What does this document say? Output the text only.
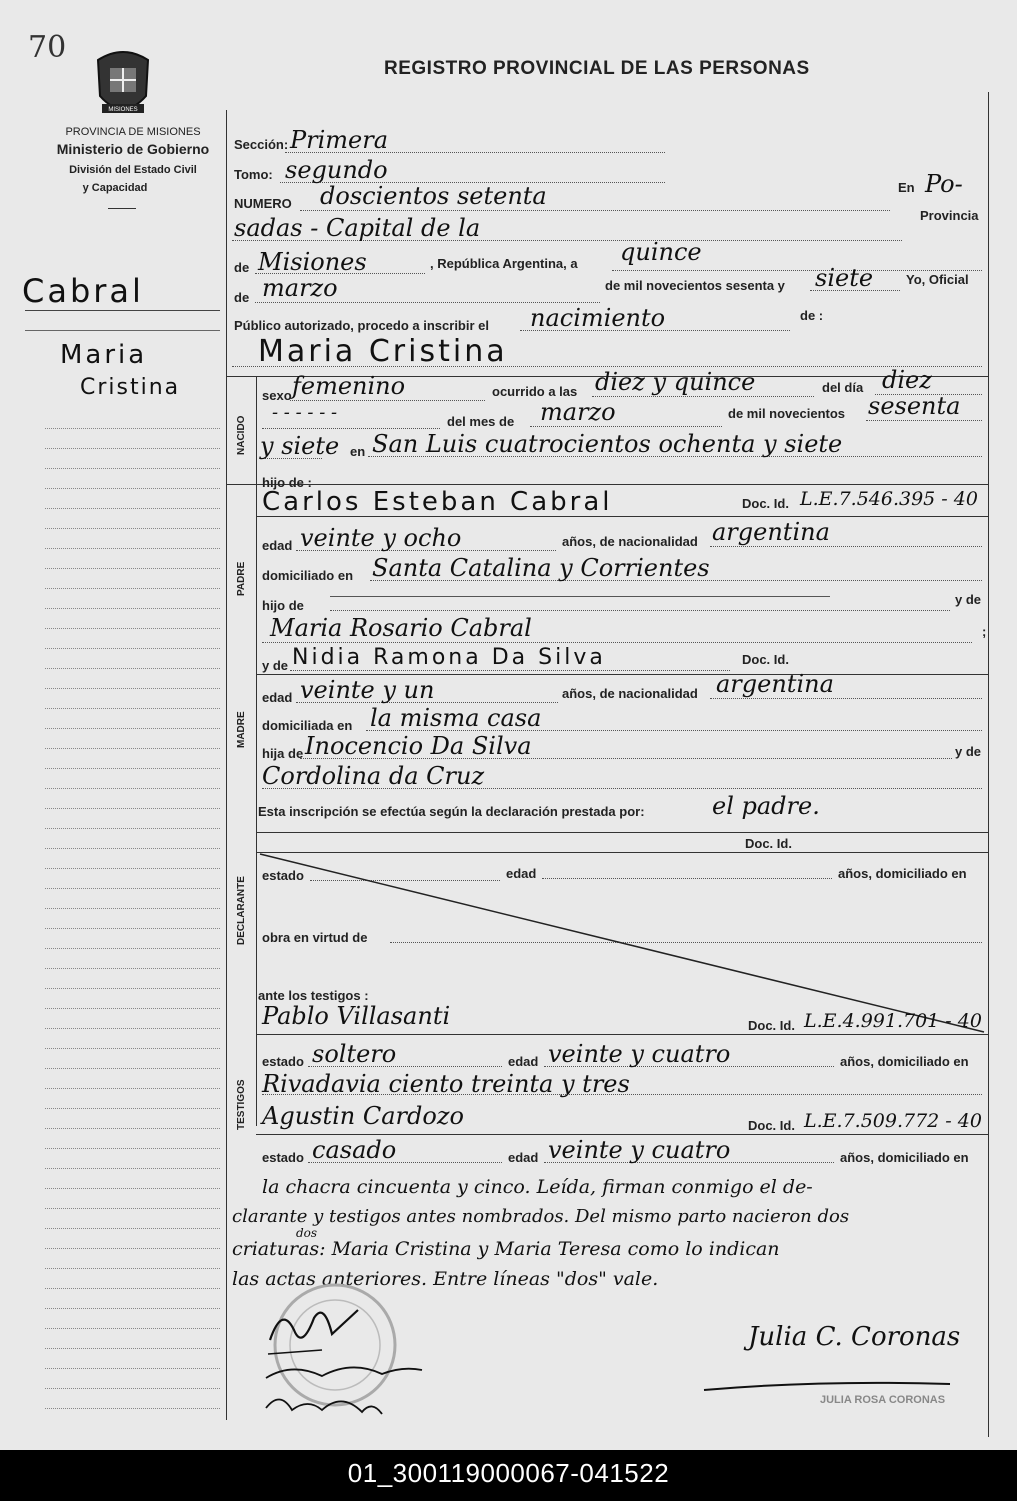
70
MISIONES
PROVINCIA DE MISIONES
Ministerio de Gobierno
División del Estado Civil
y Capacidad
REGISTRO PROVINCIAL DE LAS PERSONAS
Cabral
Maria
Cristina
NACIDO
PADRE
MADRE
DECLARANTE
TESTIGOS
Sección: Primera
Tomo: segundo
NUMERO doscientos setenta	En Po-
sadas - Capital de la	Provincia
de Misiones	, República Argentina, a quince
de marzo	de mil novecientos sesenta y siete	Yo, Oficial
Público autorizado, procedo a inscribir el nacimiento	de :
Maria Cristina
sexo femenino	ocurrido a las diez y quince	del día diez
- - - - - -	del mes de marzo	de mil novecientos sesenta
y siete en San Luis cuatrocientos ochenta y siete
hijo de :
Carlos Esteban Cabral	Doc. Id. L.E.7.546.395 - 40
edad veinte y ocho	años, de nacionalidad argentina
domiciliado en Santa Catalina y Corrientes
hijo de	y de
Maria Rosario Cabral	;
y de Nidia Ramona Da Silva	Doc. Id.
edad veinte y un	años, de nacionalidad argentina
domiciliada en la misma casa
hija de Inocencio Da Silva	y de
Cordolina da Cruz
Esta inscripción se efectúa según la declaración prestada por:	el padre.
Doc. Id.
estado	edad	años, domiciliado en
obra en virtud de
ante los testigos :
Pablo Villasanti	Doc. Id. L.E.4.991.701 - 40
estado soltero	edad veinte y cuatro	años, domiciliado en
Rivadavia ciento treinta y tres
Agustin Cardozo	Doc. Id. L.E.7.509.772 - 40
estado casado	edad veinte y cuatro	años, domiciliado en
la chacra cincuenta y cinco. Leída, firman conmigo el de-
clarante y testigos antes nombrados. Del mismo parto nacieron dos
dos
criaturas: Maria Cristina y Maria Teresa como lo indican
las actas anteriores. Entre líneas "dos" vale.
Julia C. Coronas
JULIA ROSA CORONAS
01_300119000067-041522
